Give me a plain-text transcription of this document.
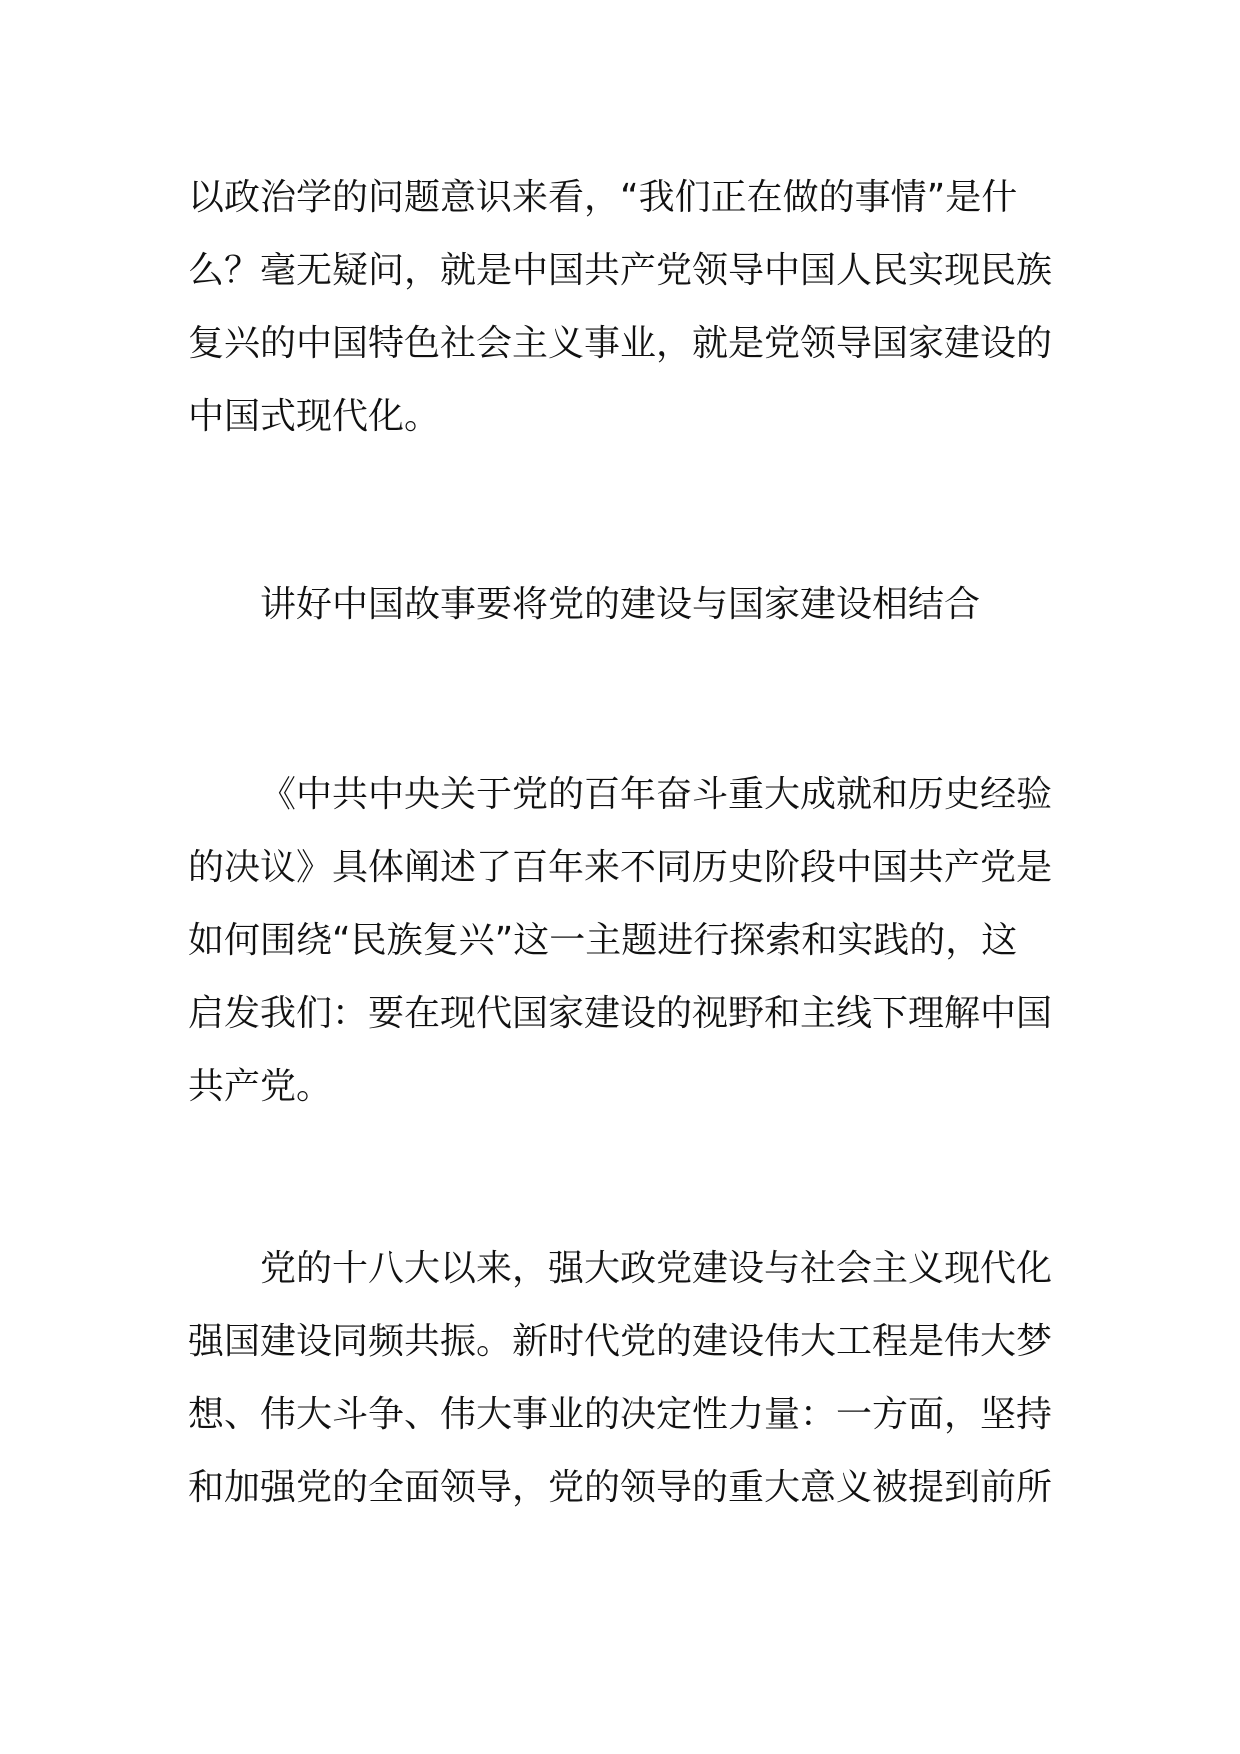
以政治学的问题意识来看，“我们正在做的事情”是什
么？毫无疑问，就是中国共产党领导中国人民实现民族
复兴的中国特色社会主义事业，就是党领导国家建设的
中国式现代化。
讲好中国故事要将党的建设与国家建设相结合
《中共中央关于党的百年奋斗重大成就和历史经验
的决议》具体阐述了百年来不同历史阶段中国共产党是
如何围绕“民族复兴”这一主题进行探索和实践的，这
启发我们：要在现代国家建设的视野和主线下理解中国
共产党。
党的十八大以来，强大政党建设与社会主义现代化
强国建设同频共振。新时代党的建设伟大工程是伟大梦
想、伟大斗争、伟大事业的决定性力量：一方面，坚持
和加强党的全面领导，党的领导的重大意义被提到前所
